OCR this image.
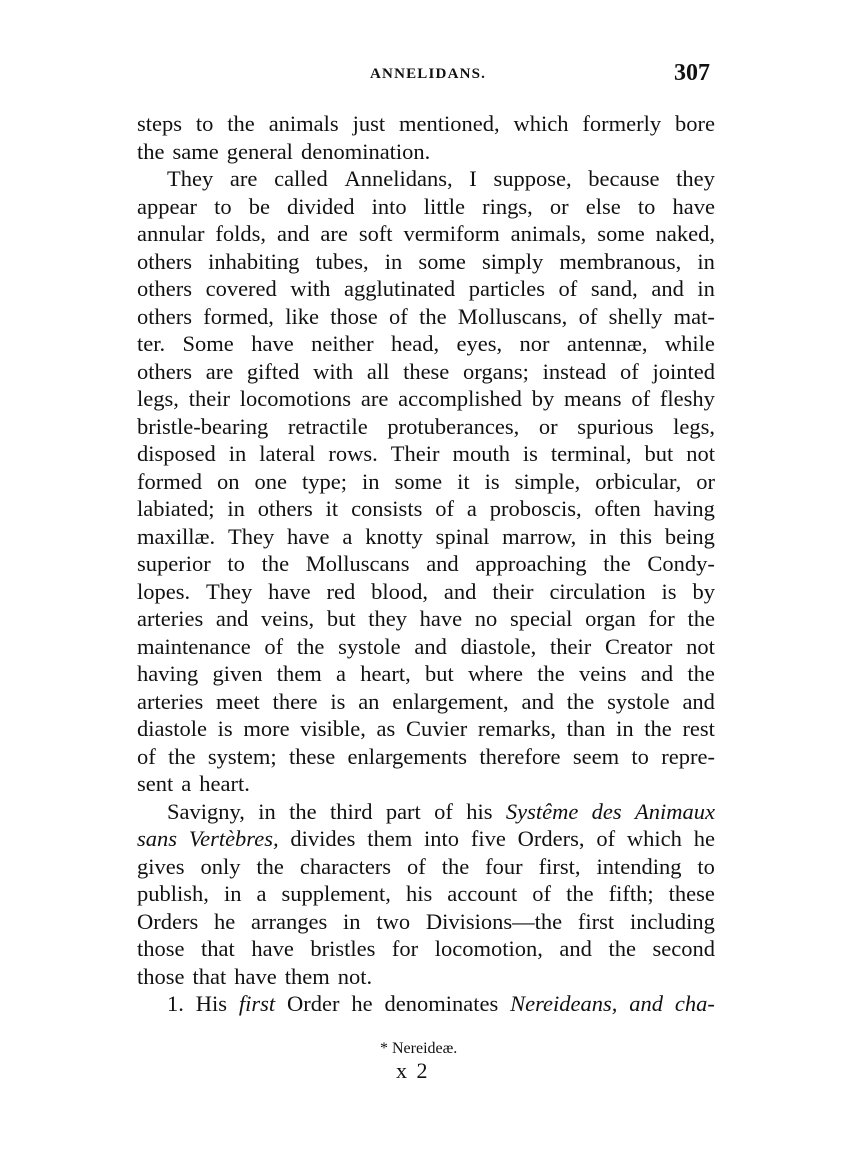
ANNELIDANS.	307
steps to the animals just mentioned, which formerly bore
the same general denomination.
They are called Annelidans, I suppose, because they
appear to be divided into little rings, or else to have
annular folds, and are soft vermiform animals, some naked,
others inhabiting tubes, in some simply membranous, in
others covered with agglutinated particles of sand, and in
others formed, like those of the Molluscans, of shelly mat-
ter. Some have neither head, eyes, nor antennæ, while
others are gifted with all these organs; instead of jointed
legs, their locomotions are accomplished by means of fleshy
bristle-bearing retractile protuberances, or spurious legs,
disposed in lateral rows. Their mouth is terminal, but not
formed on one type; in some it is simple, orbicular, or
labiated; in others it consists of a proboscis, often having
maxillæ. They have a knotty spinal marrow, in this being
superior to the Molluscans and approaching the Condy-
lopes. They have red blood, and their circulation is by
arteries and veins, but they have no special organ for the
maintenance of the systole and diastole, their Creator not
having given them a heart, but where the veins and the
arteries meet there is an enlargement, and the systole and
diastole is more visible, as Cuvier remarks, than in the rest
of the system; these enlargements therefore seem to repre-
sent a heart.
Savigny, in the third part of his Systême des Animaux
sans Vertèbres, divides them into five Orders, of which he
gives only the characters of the four first, intending to
publish, in a supplement, his account of the fifth; these
Orders he arranges in two Divisions—the first including
those that have bristles for locomotion, and the second
those that have them not.
1. His first Order he denominates Nereideans, and cha-
* Nereideæ.
x 2
